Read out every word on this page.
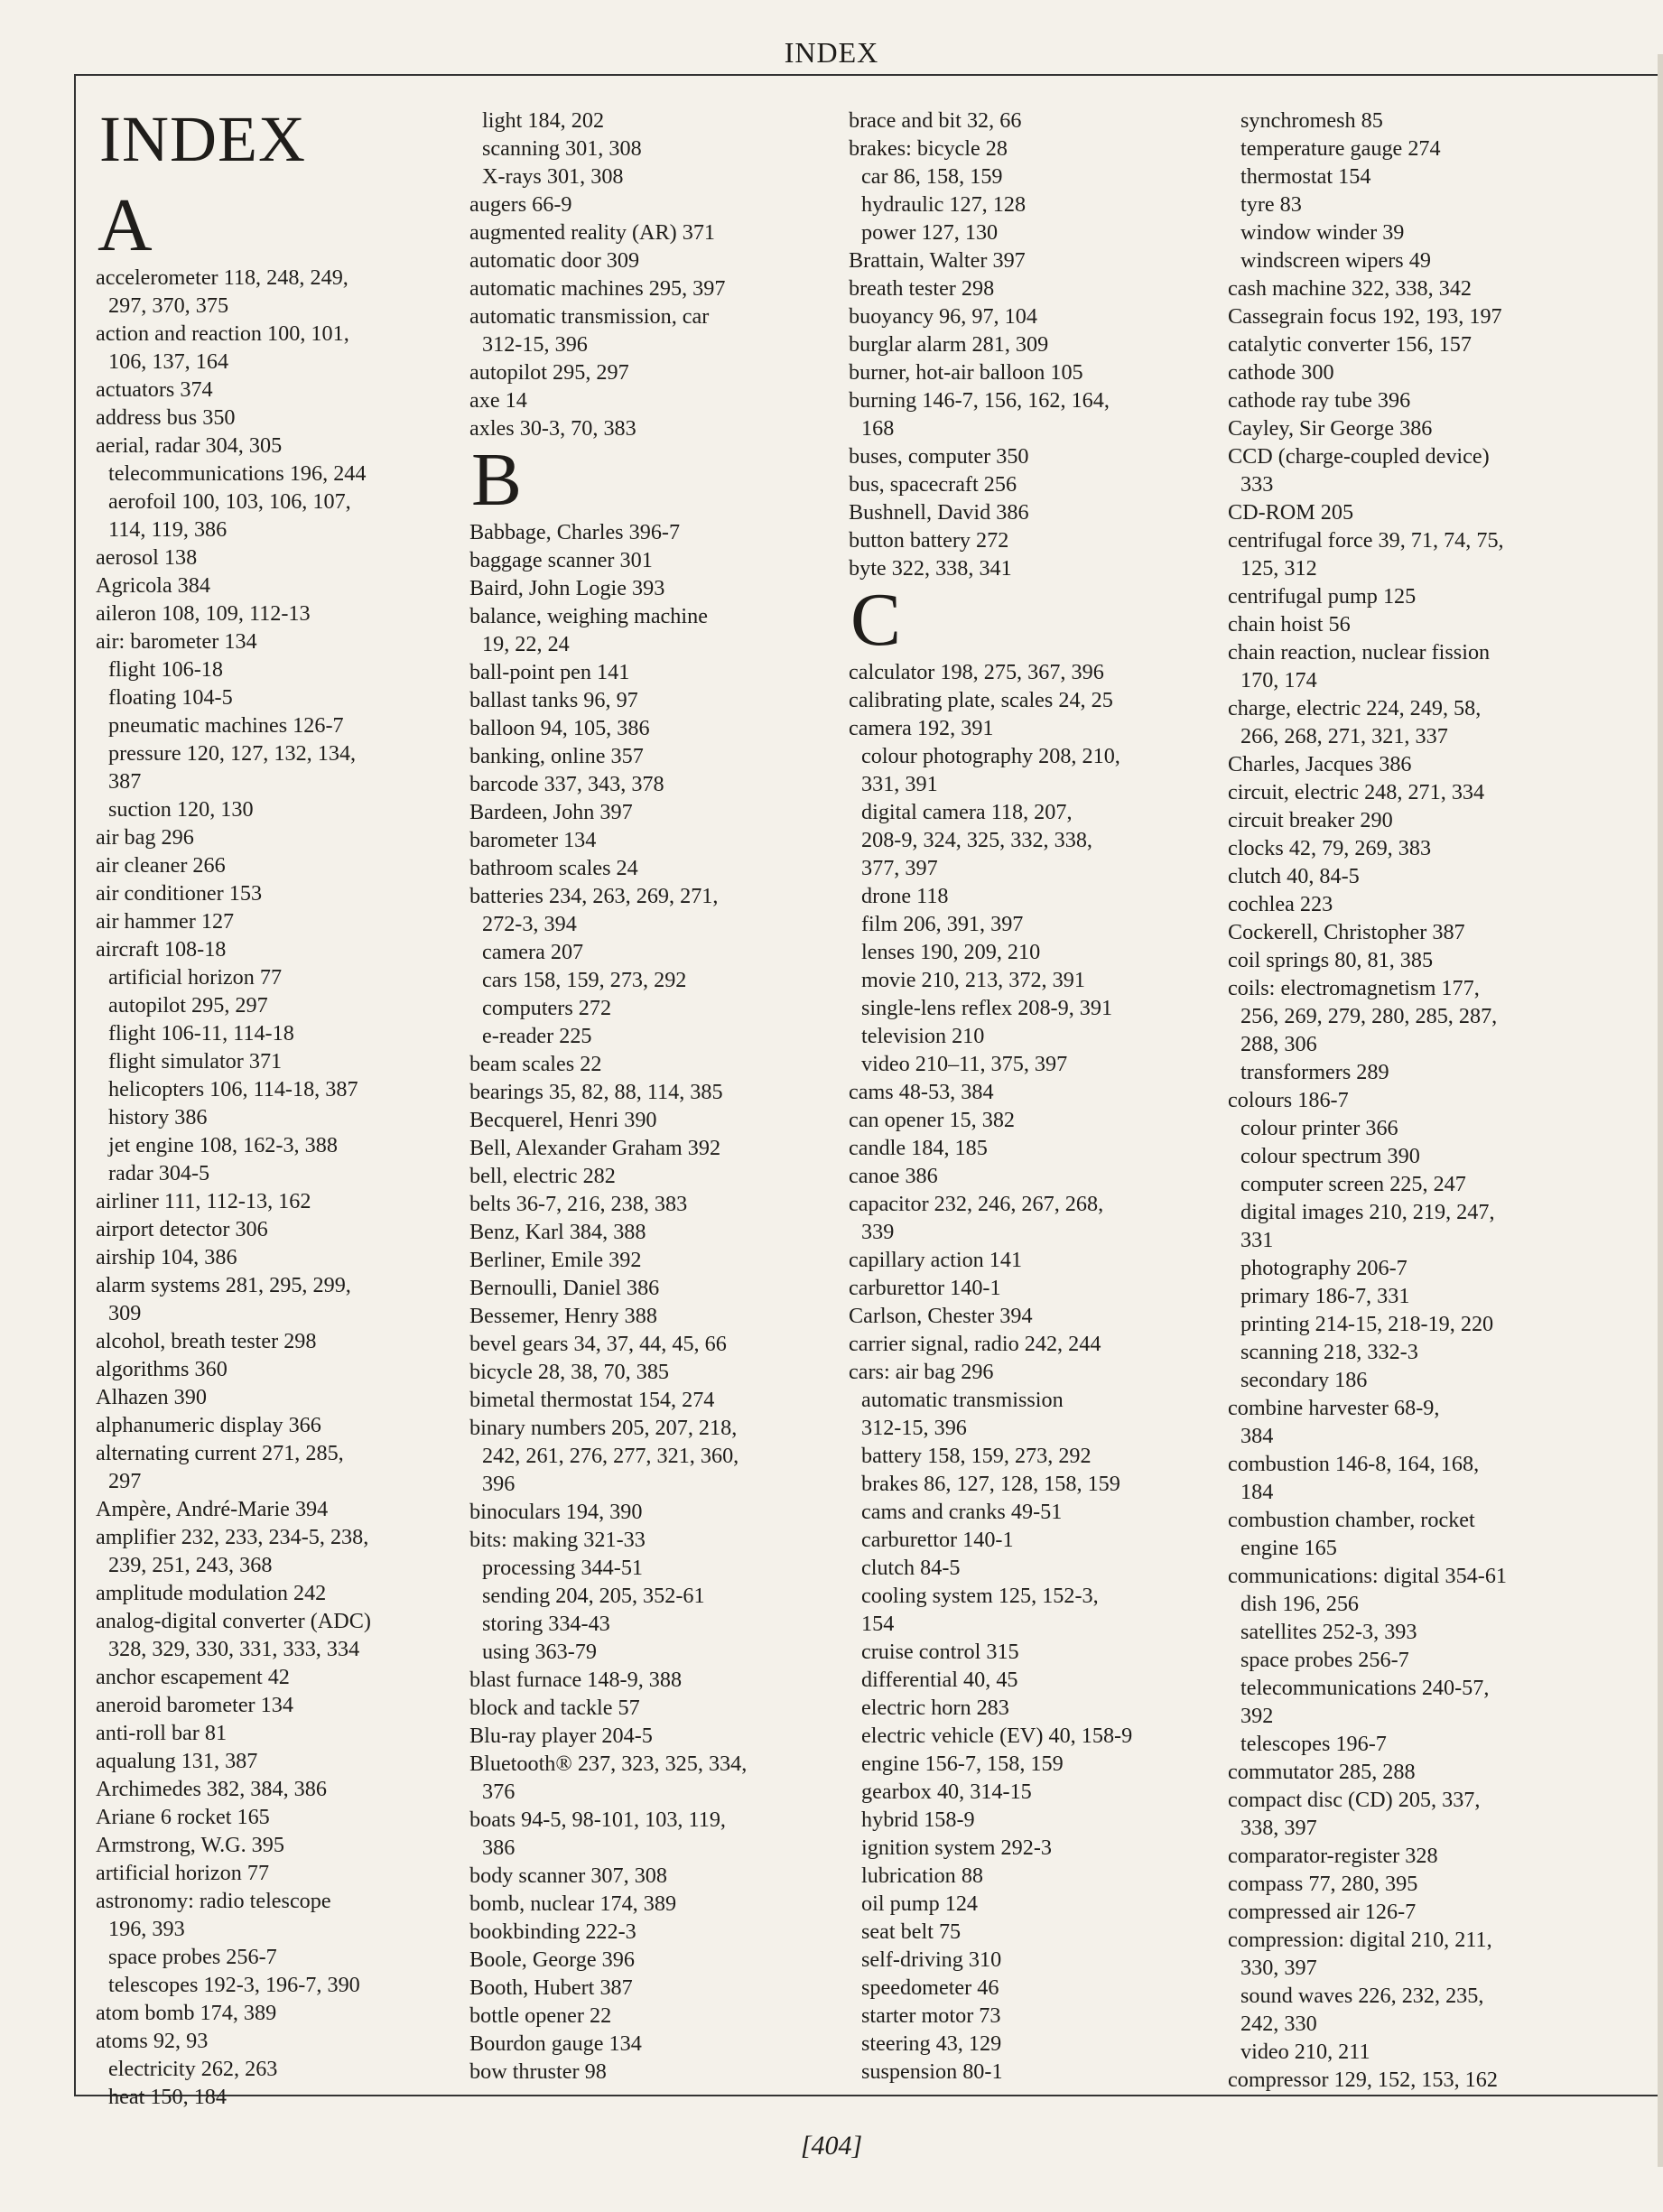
INDEX
INDEX
A
accelerometer 118, 248, 249,
297, 370, 375
action and reaction 100, 101,
106, 137, 164
actuators 374
address bus 350
aerial, radar 304, 305
telecommunications 196, 244
aerofoil 100, 103, 106, 107,
114, 119, 386
aerosol 138
Agricola 384
aileron 108, 109, 112-13
air: barometer 134
flight 106-18
floating 104-5
pneumatic machines 126-7
pressure 120, 127, 132, 134,
387
suction 120, 130
air bag 296
air cleaner 266
air conditioner 153
air hammer 127
aircraft 108-18
artificial horizon 77
autopilot 295, 297
flight 106-11, 114-18
flight simulator 371
helicopters 106, 114-18, 387
history 386
jet engine 108, 162-3, 388
radar 304-5
airliner 111, 112-13, 162
airport detector 306
airship 104, 386
alarm systems 281, 295, 299,
309
alcohol, breath tester 298
algorithms 360
Alhazen 390
alphanumeric display 366
alternating current 271, 285,
297
Ampère, André-Marie 394
amplifier 232, 233, 234-5, 238,
239, 251, 243, 368
amplitude modulation 242
analog-digital converter (ADC)
328, 329, 330, 331, 333, 334
anchor escapement 42
aneroid barometer 134
anti-roll bar 81
aqualung 131, 387
Archimedes 382, 384, 386
Ariane 6 rocket 165
Armstrong, W.G. 395
artificial horizon 77
astronomy: radio telescope
196, 393
space probes 256-7
telescopes 192-3, 196-7, 390
atom bomb 174, 389
atoms 92, 93
electricity 262, 263
heat 150, 184
light 184, 202
scanning 301, 308
X-rays 301, 308
augers 66-9
augmented reality (AR) 371
automatic door 309
automatic machines 295, 397
automatic transmission, car
312-15, 396
autopilot 295, 297
axe 14
axles 30-3, 70, 383
B
Babbage, Charles 396-7
baggage scanner 301
Baird, John Logie 393
balance, weighing machine
19, 22, 24
ball-point pen 141
ballast tanks 96, 97
balloon 94, 105, 386
banking, online 357
barcode 337, 343, 378
Bardeen, John 397
barometer 134
bathroom scales 24
batteries 234, 263, 269, 271,
272-3, 394
camera 207
cars 158, 159, 273, 292
computers 272
e-reader 225
beam scales 22
bearings 35, 82, 88, 114, 385
Becquerel, Henri 390
Bell, Alexander Graham 392
bell, electric 282
belts 36-7, 216, 238, 383
Benz, Karl 384, 388
Berliner, Emile 392
Bernoulli, Daniel 386
Bessemer, Henry 388
bevel gears 34, 37, 44, 45, 66
bicycle 28, 38, 70, 385
bimetal thermostat 154, 274
binary numbers 205, 207, 218,
242, 261, 276, 277, 321, 360,
396
binoculars 194, 390
bits: making 321-33
processing 344-51
sending 204, 205, 352-61
storing 334-43
using 363-79
blast furnace 148-9, 388
block and tackle 57
Blu-ray player 204-5
Bluetooth® 237, 323, 325, 334,
376
boats 94-5, 98-101, 103, 119,
386
body scanner 307, 308
bomb, nuclear 174, 389
bookbinding 222-3
Boole, George 396
Booth, Hubert 387
bottle opener 22
Bourdon gauge 134
bow thruster 98
brace and bit 32, 66
brakes: bicycle 28
car 86, 158, 159
hydraulic 127, 128
power 127, 130
Brattain, Walter 397
breath tester 298
buoyancy 96, 97, 104
burglar alarm 281, 309
burner, hot-air balloon 105
burning 146-7, 156, 162, 164,
168
buses, computer 350
bus, spacecraft 256
Bushnell, David 386
button battery 272
byte 322, 338, 341
C
calculator 198, 275, 367, 396
calibrating plate, scales 24, 25
camera 192, 391
colour photography 208, 210,
331, 391
digital camera 118, 207,
208-9, 324, 325, 332, 338,
377, 397
drone 118
film 206, 391, 397
lenses 190, 209, 210
movie 210, 213, 372, 391
single-lens reflex 208-9, 391
television 210
video 210–11, 375, 397
cams 48-53, 384
can opener 15, 382
candle 184, 185
canoe 386
capacitor 232, 246, 267, 268,
339
capillary action 141
carburettor 140-1
Carlson, Chester 394
carrier signal, radio 242, 244
cars: air bag 296
automatic transmission
312-15, 396
battery 158, 159, 273, 292
brakes 86, 127, 128, 158, 159
cams and cranks 49-51
carburettor 140-1
clutch 84-5
cooling system 125, 152-3,
154
cruise control 315
differential 40, 45
electric horn 283
electric vehicle (EV) 40, 158-9
engine 156-7, 158, 159
gearbox 40, 314-15
hybrid 158-9
ignition system 292-3
lubrication 88
oil pump 124
seat belt 75
self-driving 310
speedometer 46
starter motor 73
steering 43, 129
suspension 80-1
synchromesh 85
temperature gauge 274
thermostat 154
tyre 83
window winder 39
windscreen wipers 49
cash machine 322, 338, 342
Cassegrain focus 192, 193, 197
catalytic converter 156, 157
cathode 300
cathode ray tube 396
Cayley, Sir George 386
CCD (charge-coupled device)
333
CD-ROM 205
centrifugal force 39, 71, 74, 75,
125, 312
centrifugal pump 125
chain hoist 56
chain reaction, nuclear fission
170, 174
charge, electric 224, 249, 58,
266, 268, 271, 321, 337
Charles, Jacques 386
circuit, electric 248, 271, 334
circuit breaker 290
clocks 42, 79, 269, 383
clutch 40, 84-5
cochlea 223
Cockerell, Christopher 387
coil springs 80, 81, 385
coils: electromagnetism 177,
256, 269, 279, 280, 285, 287,
288, 306
transformers 289
colours 186-7
colour printer 366
colour spectrum 390
computer screen 225, 247
digital images 210, 219, 247,
331
photography 206-7
primary 186-7, 331
printing 214-15, 218-19, 220
scanning 218, 332-3
secondary 186
combine harvester 68-9,
384
combustion 146-8, 164, 168,
184
combustion chamber, rocket
engine 165
communications: digital 354-61
dish 196, 256
satellites 252-3, 393
space probes 256-7
telecommunications 240-57,
392
telescopes 196-7
commutator 285, 288
compact disc (CD) 205, 337,
338, 397
comparator-register 328
compass 77, 280, 395
compressed air 126-7
compression: digital 210, 211,
330, 397
sound waves 226, 232, 235,
242, 330
video 210, 211
compressor 129, 152, 153, 162
[404]
